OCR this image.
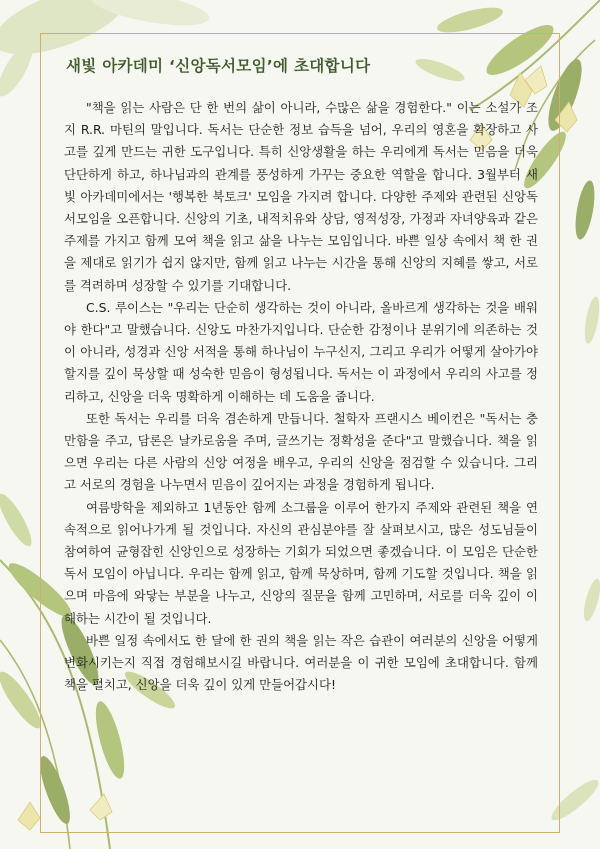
새빛 아카데미 ‘신앙독서모임’에 초대합니다

"책을 읽는 사람은 단 한 번의 삶이 아니라, 수많은 삶을 경험한다." 이는 소설가 조지 R.R. 마틴의 말입니다. 독서는 단순한 정보 습득을 넘어, 우리의 영혼을 확장하고 사고를 깊게 만드는 귀한 도구입니다. 특히 신앙생활을 하는 우리에게 독서는 믿음을 더욱 단단하게 하고, 하나님과의 관계를 풍성하게 가꾸는 중요한 역할을 합니다. 3월부터 새빛 아카데미에서는 '행복한 북토크' 모임을 가지려 합니다. 다양한 주제와 관련된 신앙독서모임을 오픈합니다. 신앙의 기초, 내적치유와 상담, 영적성장, 가정과 자녀양육과 같은 주제를 가지고 함께 모여 책을 읽고 삶을 나누는 모임입니다. 바쁜 일상 속에서 책 한 권을 제대로 읽기가 쉽지 않지만, 함께 읽고 나누는 시간을 통해 신앙의 지혜를 쌓고, 서로를 격려하며 성장할 수 있기를 기대합니다.

C.S. 루이스는 "우리는 단순히 생각하는 것이 아니라, 올바르게 생각하는 것을 배워야 한다"고 말했습니다. 신앙도 마찬가지입니다. 단순한 감정이나 분위기에 의존하는 것이 아니라, 성경과 신앙 서적을 통해 하나님이 누구신지, 그리고 우리가 어떻게 살아가야 할지를 깊이 묵상할 때 성숙한 믿음이 형성됩니다. 독서는 이 과정에서 우리의 사고를 정리하고, 신앙을 더욱 명확하게 이해하는 데 도움을 줍니다.

또한 독서는 우리를 더욱 겸손하게 만듭니다. 철학자 프랜시스 베이컨은 "독서는 충만함을 주고, 담론은 날카로움을 주며, 글쓰기는 정확성을 준다"고 말했습니다. 책을 읽으면 우리는 다른 사람의 신앙 여정을 배우고, 우리의 신앙을 점검할 수 있습니다. 그리고 서로의 경험을 나누면서 믿음이 깊어지는 과정을 경험하게 됩니다.

여름방학을 제외하고 1년동안 함께 소그룹을 이루어 한가지 주제와 관련된 책을 연속적으로 읽어나가게 될 것입니다. 자신의 관심분야를 잘 살펴보시고, 많은 성도님들이 참여하여 균형잡힌 신앙인으로 성장하는 기회가 되었으면 좋겠습니다. 이 모임은 단순한 독서 모임이 아닙니다. 우리는 함께 읽고, 함께 묵상하며, 함께 기도할 것입니다. 책을 읽으며 마음에 와닿는 부분을 나누고, 신앙의 질문을 함께 고민하며, 서로를 더욱 깊이 이해하는 시간이 될 것입니다.

바쁜 일정 속에서도 한 달에 한 권의 책을 읽는 작은 습관이 여러분의 신앙을 어떻게 변화시키는지 직접 경험해보시길 바랍니다. 여러분을 이 귀한 모임에 초대합니다. 함께 책을 펼치고, 신앙을 더욱 깊이 있게 만들어갑시다!
